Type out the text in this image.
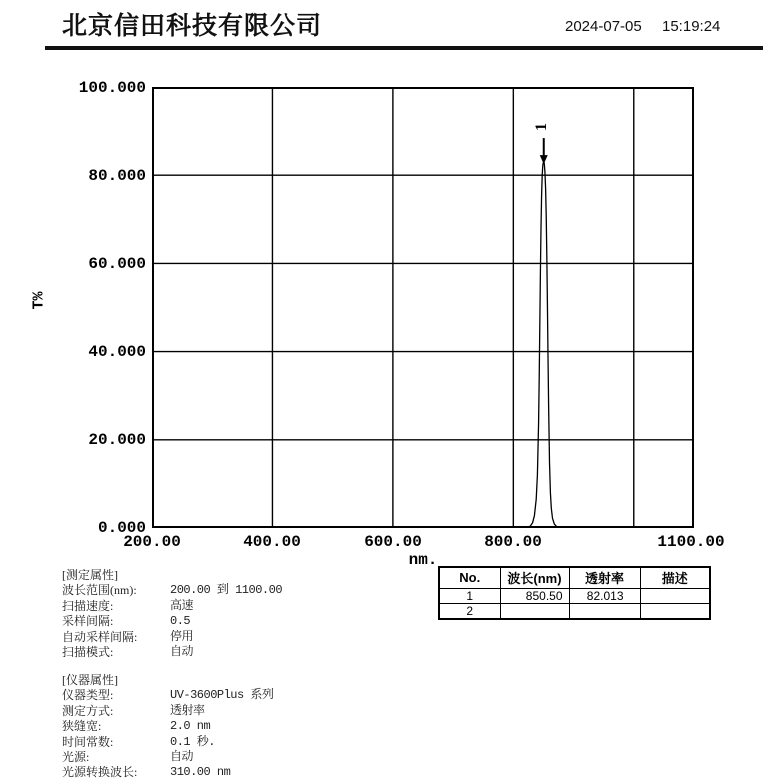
北京信田科技有限公司	2024-07-05 15:19:24
T%
100.000
80.000
60.000
40.000
20.000
0.000
200.00	400.00	600.00	800.00	1100.00
nm.
1
No.	波长(nm)	透射率	描述
1	850.50	82.013	
2			
[测定属性]
波长范围(nm):	200.00 到 1100.00
扫描速度:	高速
采样间隔:	0.5
自动采样间隔:	停用
扫描模式:	自动
[仪器属性]
仪器类型:	UV-3600Plus 系列
测定方式:	透射率
狭缝宽:	2.0 nm
时间常数:	0.1 秒.
光源:	自动
光源转换波长:	310.00 nm
